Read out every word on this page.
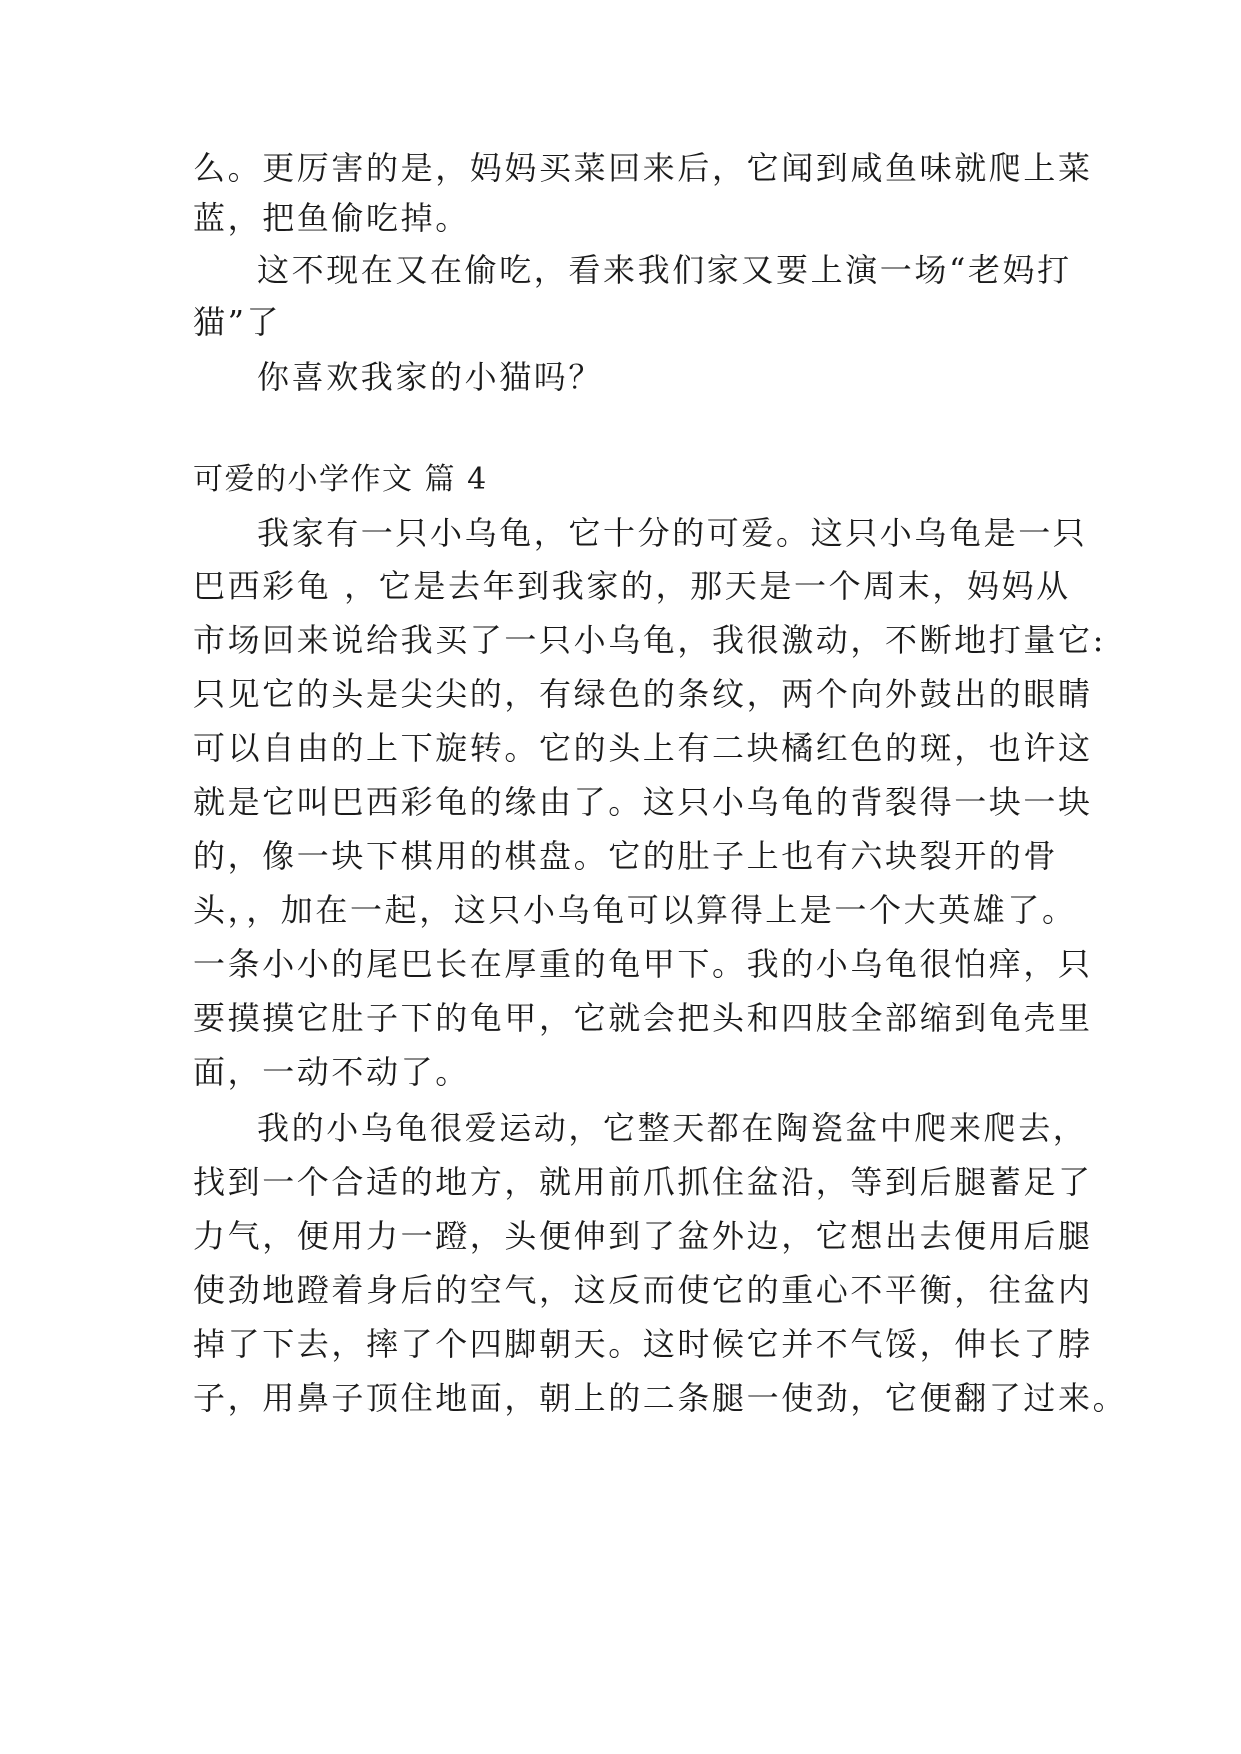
么。更厉害的是，妈妈买菜回来后，它闻到咸鱼味就爬上菜
蓝，把鱼偷吃掉。
这不现在又在偷吃，看来我们家又要上演一场“老妈打
猫”了
你喜欢我家的小猫吗？
可爱的小学作文 篇 4
我家有一只小乌龟，它十分的可爱。这只小乌龟是一只
巴西彩龟 ，它是去年到我家的，那天是一个周末，妈妈从
市场回来说给我买了一只小乌龟，我很激动，不断地打量它:
只见它的头是尖尖的，有绿色的条纹，两个向外鼓出的眼睛
可以自由的上下旋转。它的头上有二块橘红色的斑，也许这
就是它叫巴西彩龟的缘由了。这只小乌龟的背裂得一块一块
的，像一块下棋用的棋盘。它的肚子上也有六块裂开的骨
头，，加在一起，这只小乌龟可以算得上是一个大英雄了。
一条小小的尾巴长在厚重的龟甲下。我的小乌龟很怕痒，只
要摸摸它肚子下的龟甲，它就会把头和四肢全部缩到龟壳里
面，一动不动了。
我的小乌龟很爱运动，它整天都在陶瓷盆中爬来爬去，
找到一个合适的地方，就用前爪抓住盆沿，等到后腿蓄足了
力气，便用力一蹬，头便伸到了盆外边，它想出去便用后腿
使劲地蹬着身后的空气，这反而使它的重心不平衡，往盆内
掉了下去，摔了个四脚朝天。这时候它并不气馁，伸长了脖
子，用鼻子顶住地面，朝上的二条腿一使劲，它便翻了过来。
